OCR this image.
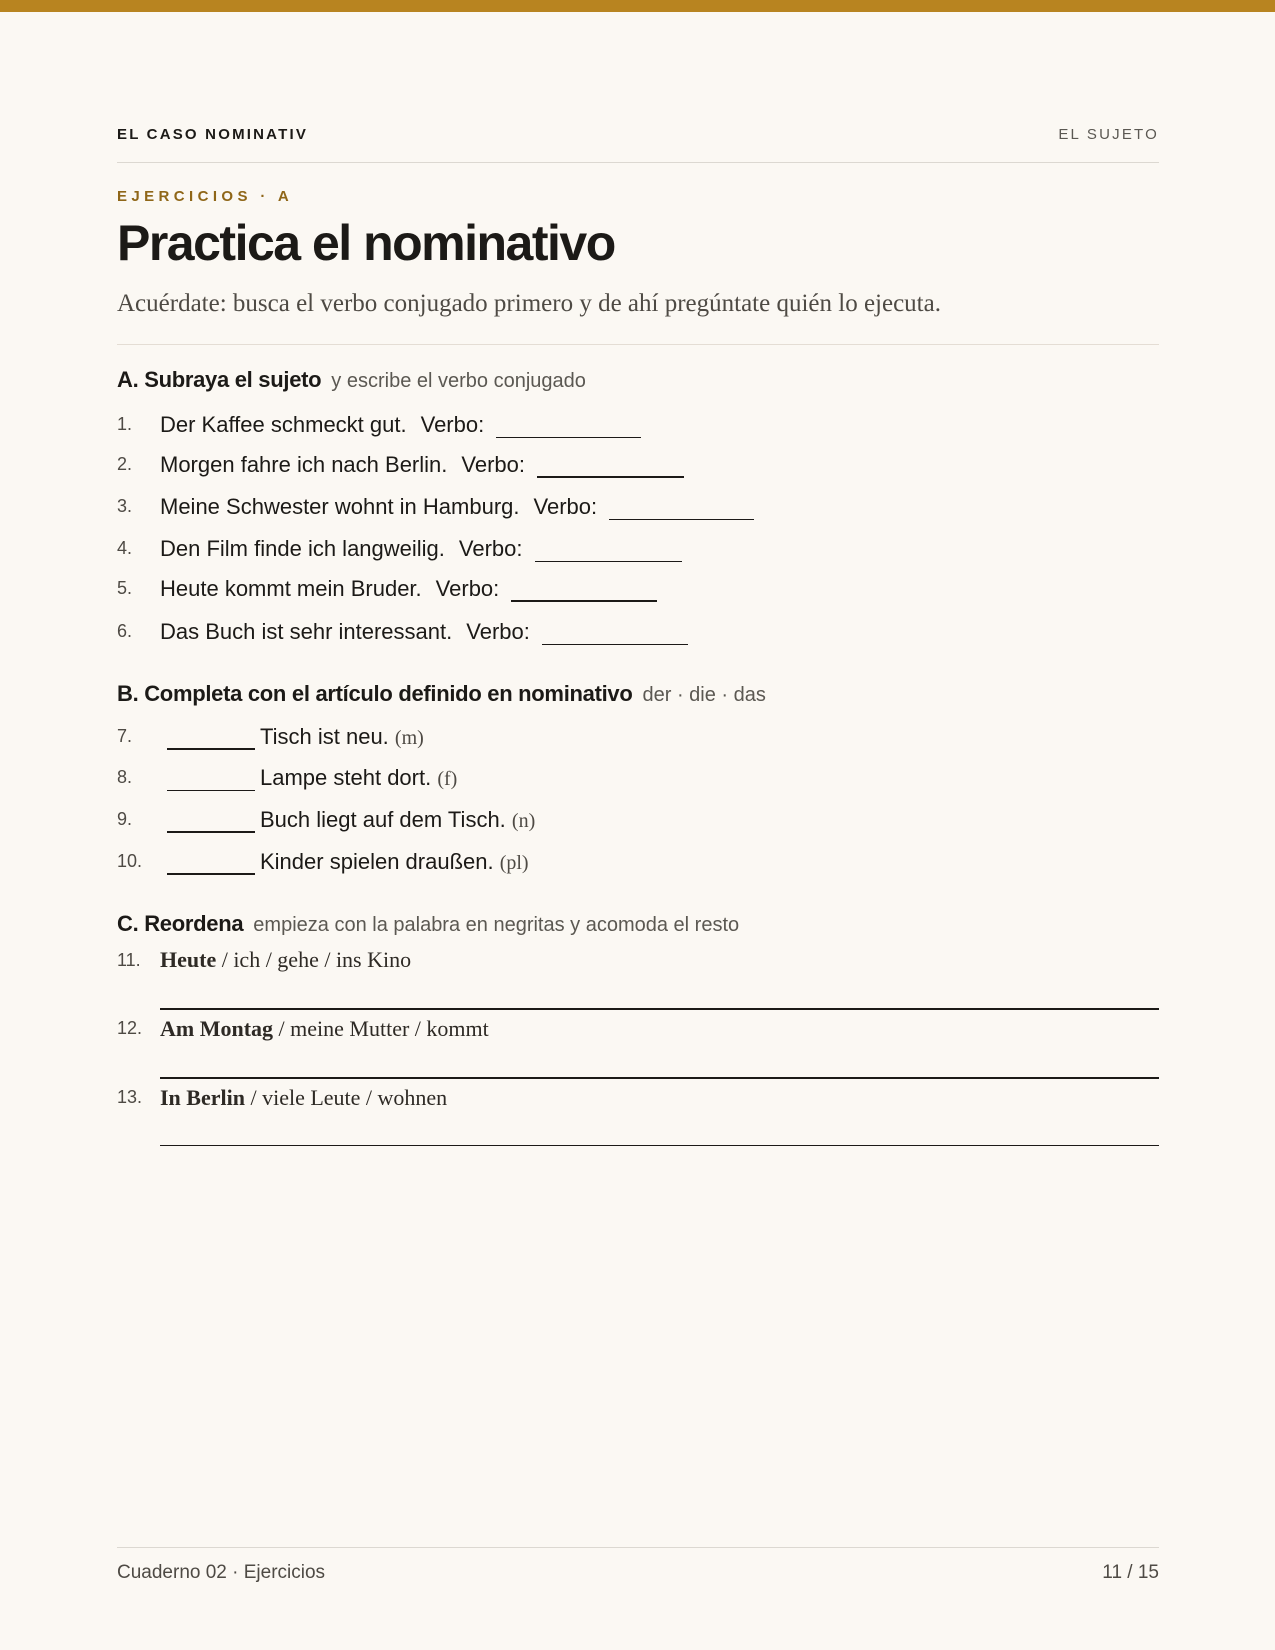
EL CASO NOMINATIV	EL SUJETO
EJERCICIOS · A
Practica el nominativo
Acuérdate: busca el verbo conjugado primero y de ahí pregúntate quién lo ejecuta.
A. Subraya el sujeto y escribe el verbo conjugado
1. Der Kaffee schmeckt gut. Verbo:
2. Morgen fahre ich nach Berlin. Verbo:
3. Meine Schwester wohnt in Hamburg. Verbo:
4. Den Film finde ich langweilig. Verbo:
5. Heute kommt mein Bruder. Verbo:
6. Das Buch ist sehr interessant. Verbo:
B. Completa con el artículo definido en nominativo der · die · das
7.	Tisch ist neu. (m)
8.	Lampe steht dort. (f)
9.	Buch liegt auf dem Tisch. (n)
10.	Kinder spielen draußen. (pl)
C. Reordena empieza con la palabra en negritas y acomoda el resto
11. Heute / ich / gehe / ins Kino
12. Am Montag / meine Mutter / kommt
13. In Berlin / viele Leute / wohnen
Cuaderno 02 · Ejercicios	11 / 15
